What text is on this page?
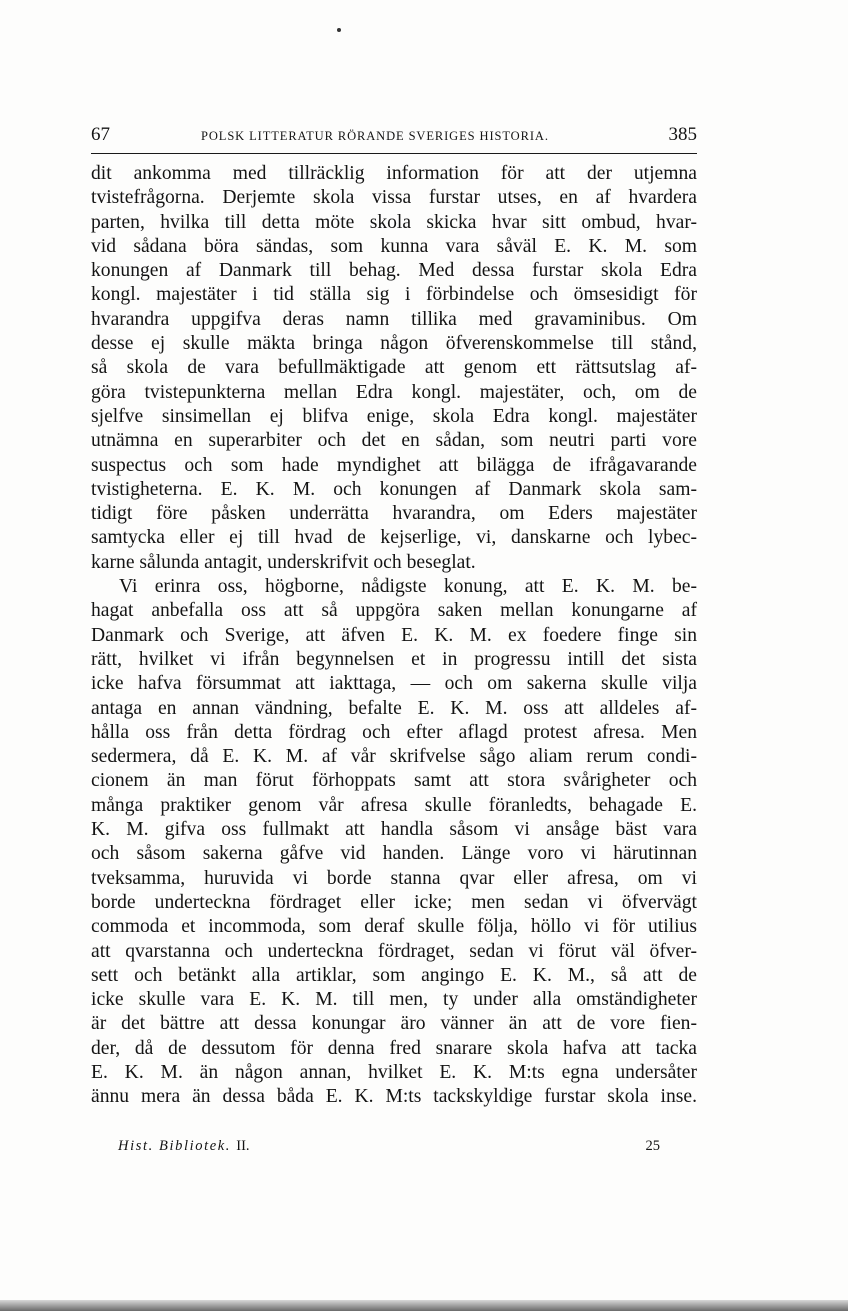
67	POLSK LITTERATUR RÖRANDE SVERIGES HISTORIA.	385
dit ankomma med tillräcklig information för att der utjemna
tvistefrågorna. Derjemte skola vissa furstar utses, en af hvardera
parten, hvilka till detta möte skola skicka hvar sitt ombud, hvar-
vid sådana böra sändas, som kunna vara såväl E. K. M. som
konungen af Danmark till behag. Med dessa furstar skola Edra
kongl. majestäter i tid ställa sig i förbindelse och ömsesidigt för
hvarandra uppgifva deras namn tillika med gravaminibus. Om
desse ej skulle mäkta bringa någon öfverenskommelse till stånd,
så skola de vara befullmäktigade att genom ett rättsutslag af-
göra tvistepunkterna mellan Edra kongl. majestäter, och, om de
sjelfve sinsimellan ej blifva enige, skola Edra kongl. majestäter
utnämna en superarbiter och det en sådan, som neutri parti vore
suspectus och som hade myndighet att bilägga de ifrågavarande
tvistigheterna. E. K. M. och konungen af Danmark skola sam-
tidigt före påsken underrätta hvarandra, om Eders majestäter
samtycka eller ej till hvad de kejserlige, vi, danskarne och lybec-
karne sålunda antagit, underskrifvit och beseglat.
Vi erinra oss, högborne, nådigste konung, att E. K. M. be-
hagat anbefalla oss att så uppgöra saken mellan konungarne af
Danmark och Sverige, att äfven E. K. M. ex foedere finge sin
rätt, hvilket vi ifrån begynnelsen et in progressu intill det sista
icke hafva försummat att iakttaga, — och om sakerna skulle vilja
antaga en annan vändning, befalte E. K. M. oss att alldeles af-
hålla oss från detta fördrag och efter aflagd protest afresa. Men
sedermera, då E. K. M. af vår skrifvelse sågo aliam rerum condi-
cionem än man förut förhoppats samt att stora svårigheter och
många praktiker genom vår afresa skulle föranledts, behagade E.
K. M. gifva oss fullmakt att handla såsom vi ansåge bäst vara
och såsom sakerna gåfve vid handen. Länge voro vi härutinnan
tveksamma, huruvida vi borde stanna qvar eller afresa, om vi
borde underteckna fördraget eller icke; men sedan vi öfvervägt
commoda et incommoda, som deraf skulle följa, höllo vi för utilius
att qvarstanna och underteckna fördraget, sedan vi förut väl öfver-
sett och betänkt alla artiklar, som angingo E. K. M., så att de
icke skulle vara E. K. M. till men, ty under alla omständigheter
är det bättre att dessa konungar äro vänner än att de vore fien-
der, då de dessutom för denna fred snarare skola hafva att tacka
E. K. M. än någon annan, hvilket E. K. M:ts egna undersåter
ännu mera än dessa båda E. K. M:ts tackskyldige furstar skola inse.
Hist. Bibliotek. II.	25
